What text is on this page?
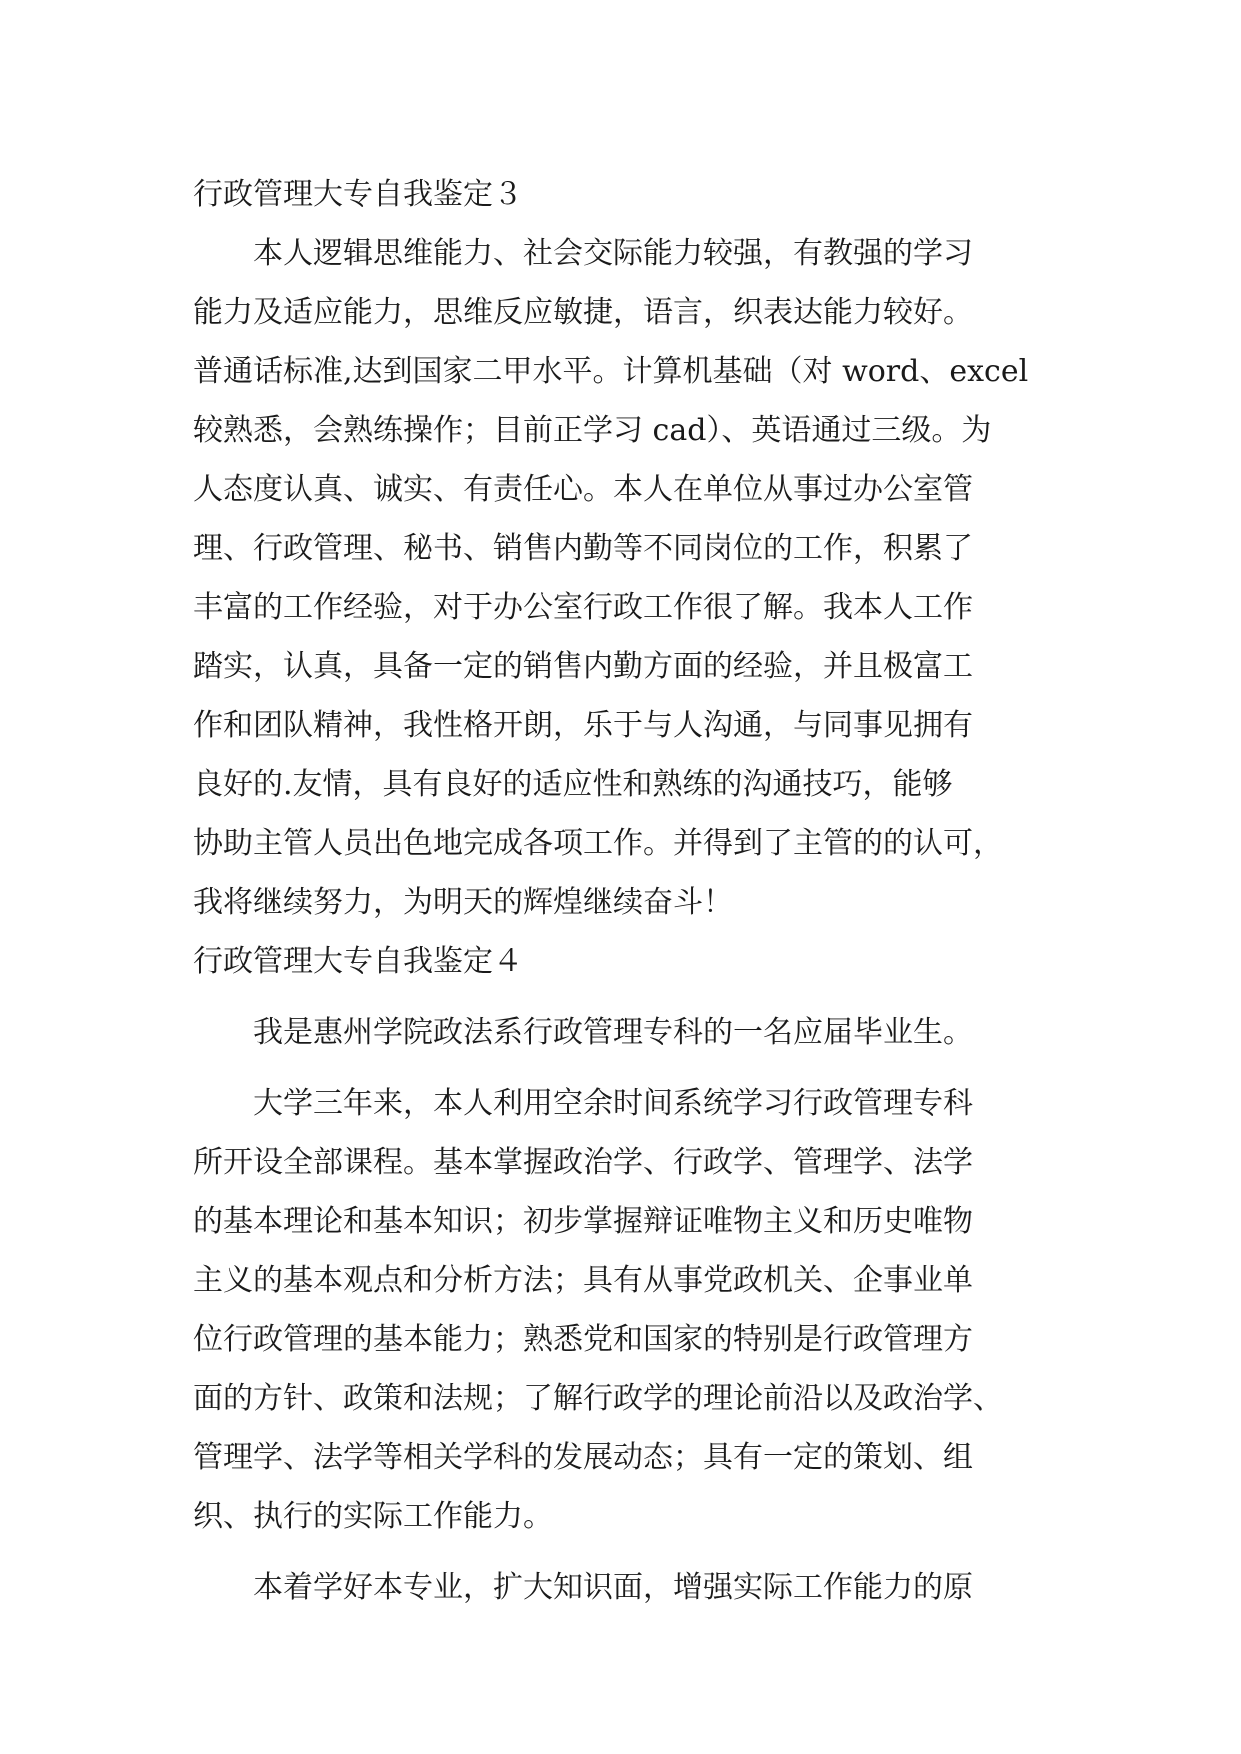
行政管理大专自我鉴定３
本人逻辑思维能力、社会交际能力较强，有教强的学习
能力及适应能力，思维反应敏捷，语言，织表达能力较好。
普通话标准,达到国家二甲水平。计算机基础（对 word、excel
较熟悉，会熟练操作；目前正学习 cad）、英语通过三级。为
人态度认真、诚实、有责任心。本人在单位从事过办公室管
理、行政管理、秘书、销售内勤等不同岗位的工作，积累了
丰富的工作经验，对于办公室行政工作很了解。我本人工作
踏实，认真，具备一定的销售内勤方面的经验，并且极富工
作和团队精神，我性格开朗，乐于与人沟通，与同事见拥有
良好的.友情，具有良好的适应性和熟练的沟通技巧，能够
协助主管人员出色地完成各项工作。并得到了主管的的认可，
我将继续努力，为明天的辉煌继续奋斗！
行政管理大专自我鉴定４
我是惠州学院政法系行政管理专科的一名应届毕业生。
大学三年来，本人利用空余时间系统学习行政管理专科
所开设全部课程。基本掌握政治学、行政学、管理学、法学
的基本理论和基本知识；初步掌握辩证唯物主义和历史唯物
主义的基本观点和分析方法；具有从事党政机关、企事业单
位行政管理的基本能力；熟悉党和国家的特别是行政管理方
面的方针、政策和法规；了解行政学的理论前沿以及政治学、
管理学、法学等相关学科的发展动态；具有一定的策划、组
织、执行的实际工作能力。
本着学好本专业，扩大知识面，增强实际工作能力的原
